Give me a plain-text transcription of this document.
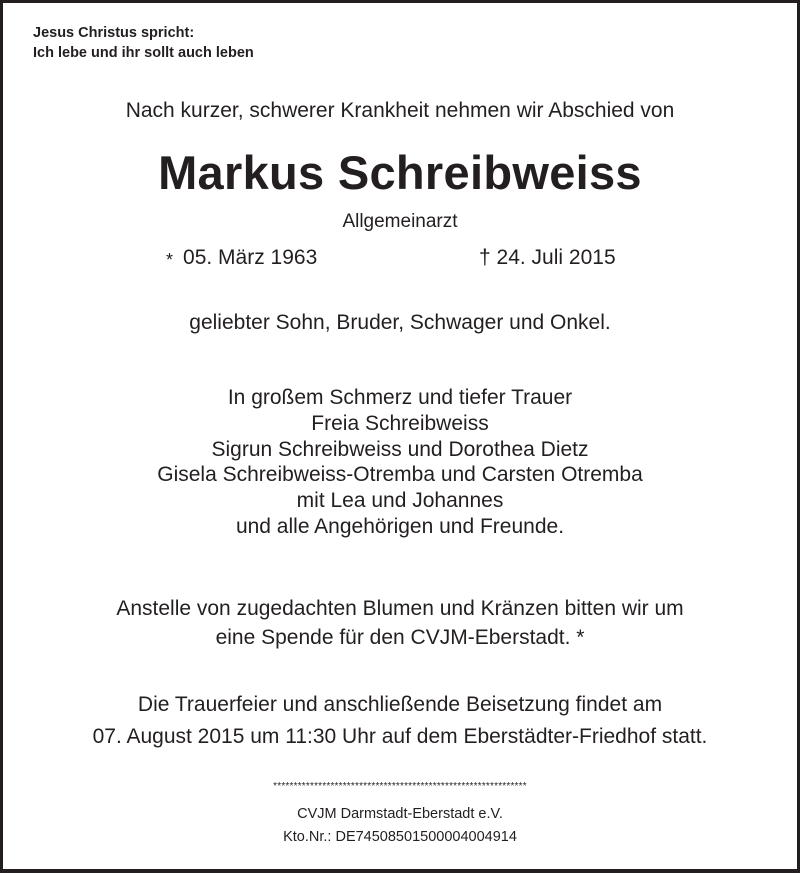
Jesus Christus spricht:
Ich lebe und ihr sollt auch leben
Nach kurzer, schwerer Krankheit nehmen wir Abschied von
Markus Schreibweiss
Allgemeinarzt
* 05. März 1963	† 24. Juli 2015
geliebter Sohn, Bruder, Schwager und Onkel.
In großem Schmerz und tiefer Trauer
Freia Schreibweiss
Sigrun Schreibweiss und Dorothea Dietz
Gisela Schreibweiss-Otremba und Carsten Otremba
mit Lea und Johannes
und alle Angehörigen und Freunde.
Anstelle von zugedachten Blumen und Kränzen bitten wir um
eine Spende für den CVJM-Eberstadt. *
Die Trauerfeier und anschließende Beisetzung findet am
07. August 2015 um 11:30 Uhr auf dem Eberstädter-Friedhof statt.
**************************************************************
CVJM Darmstadt-Eberstadt e.V.
Kto.Nr.: DE74508501500004004914
